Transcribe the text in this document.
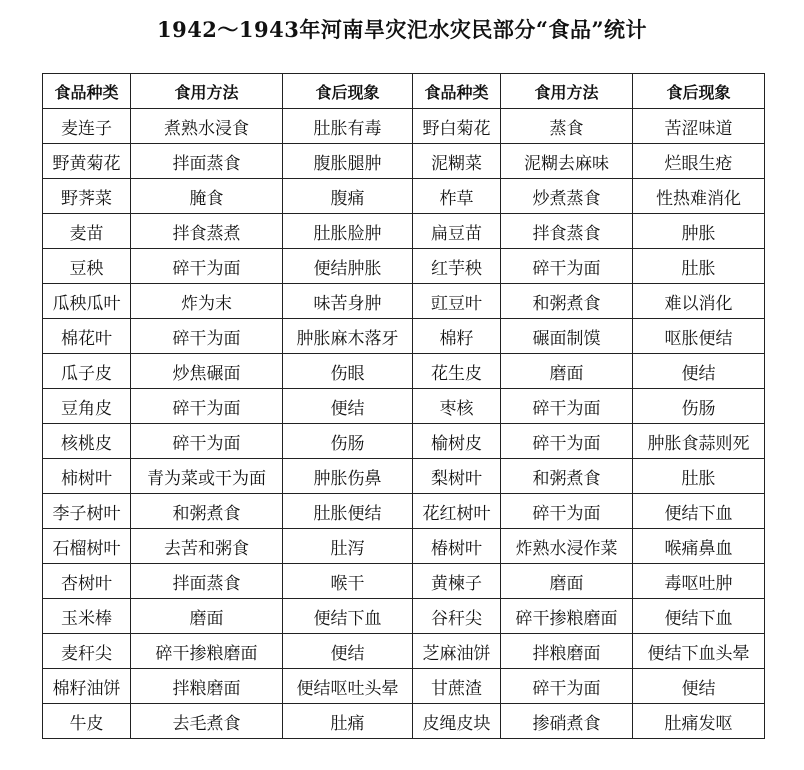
1942～1943年河南旱灾汜水灾民部分“食品”统计
食品种类	食用方法	食后现象	食品种类	食用方法	食后现象
麦连子	煮熟水浸食	肚胀有毒	野白菊花	蒸食	苦涩味道
野黄菊花	拌面蒸食	腹胀腿肿	泥糊菜	泥糊去麻味	烂眼生疮
野荠菜	腌食	腹痛	柞草	炒煮蒸食	性热难消化
麦苗	拌食蒸煮	肚胀脸肿	扁豆苗	拌食蒸食	肿胀
豆秧	碎干为面	便结肿胀	红芋秧	碎干为面	肚胀
瓜秧瓜叶	炸为末	味苦身肿	豇豆叶	和粥煮食	难以消化
棉花叶	碎干为面	肿胀麻木落牙	棉籽	碾面制馍	呕胀便结
瓜子皮	炒焦碾面	伤眼	花生皮	磨面	便结
豆角皮	碎干为面	便结	枣核	碎干为面	伤肠
核桃皮	碎干为面	伤肠	榆树皮	碎干为面	肿胀食蒜则死
柿树叶	青为菜或干为面	肿胀伤鼻	梨树叶	和粥煮食	肚胀
李子树叶	和粥煮食	肚胀便结	花红树叶	碎干为面	便结下血
石榴树叶	去苦和粥食	肚泻	椿树叶	炸熟水浸作菜	喉痛鼻血
杏树叶	拌面蒸食	喉干	黄楝子	磨面	毒呕吐肿
玉米棒	磨面	便结下血	谷秆尖	碎干掺粮磨面	便结下血
麦秆尖	碎干掺粮磨面	便结	芝麻油饼	拌粮磨面	便结下血头晕
棉籽油饼	拌粮磨面	便结呕吐头晕	甘蔗渣	碎干为面	便结
牛皮	去毛煮食	肚痛	皮绳皮块	掺硝煮食	肚痛发呕
